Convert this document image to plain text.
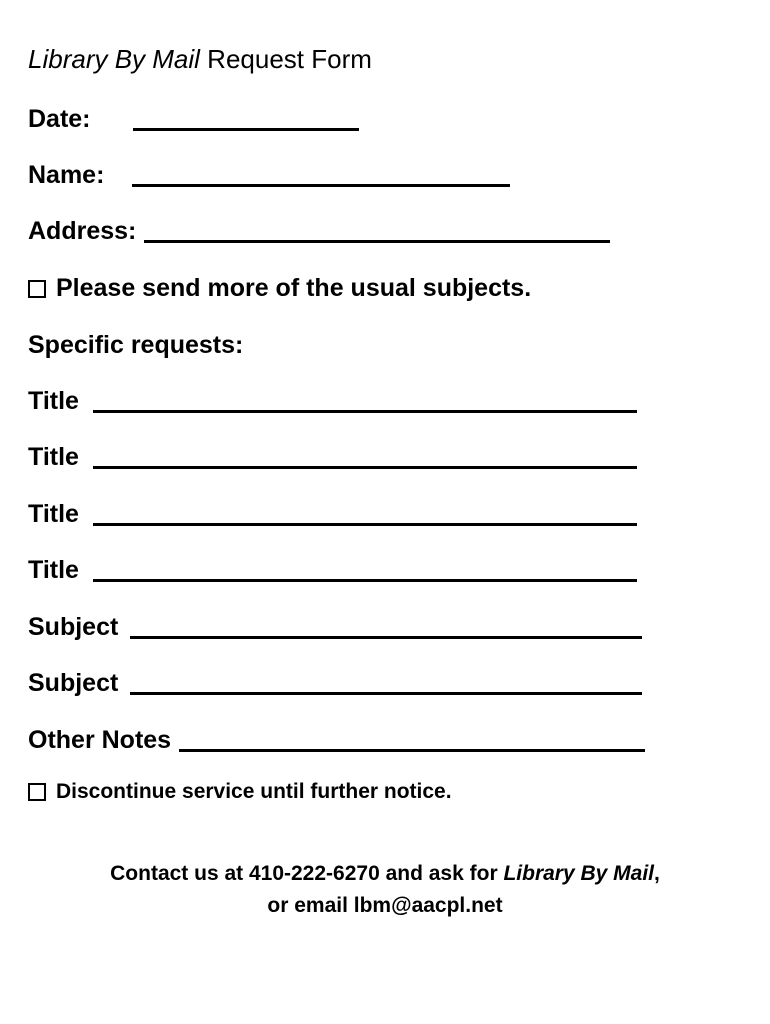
Library By Mail Request Form
Date:
Name:
Address:
Please send more of the usual subjects.
Specific requests:
Title
Title
Title
Title
Subject
Subject
Other Notes
Discontinue service until further notice.
Contact us at 410-222-6270 and ask for Library By Mail,
or email lbm@aacpl.net
